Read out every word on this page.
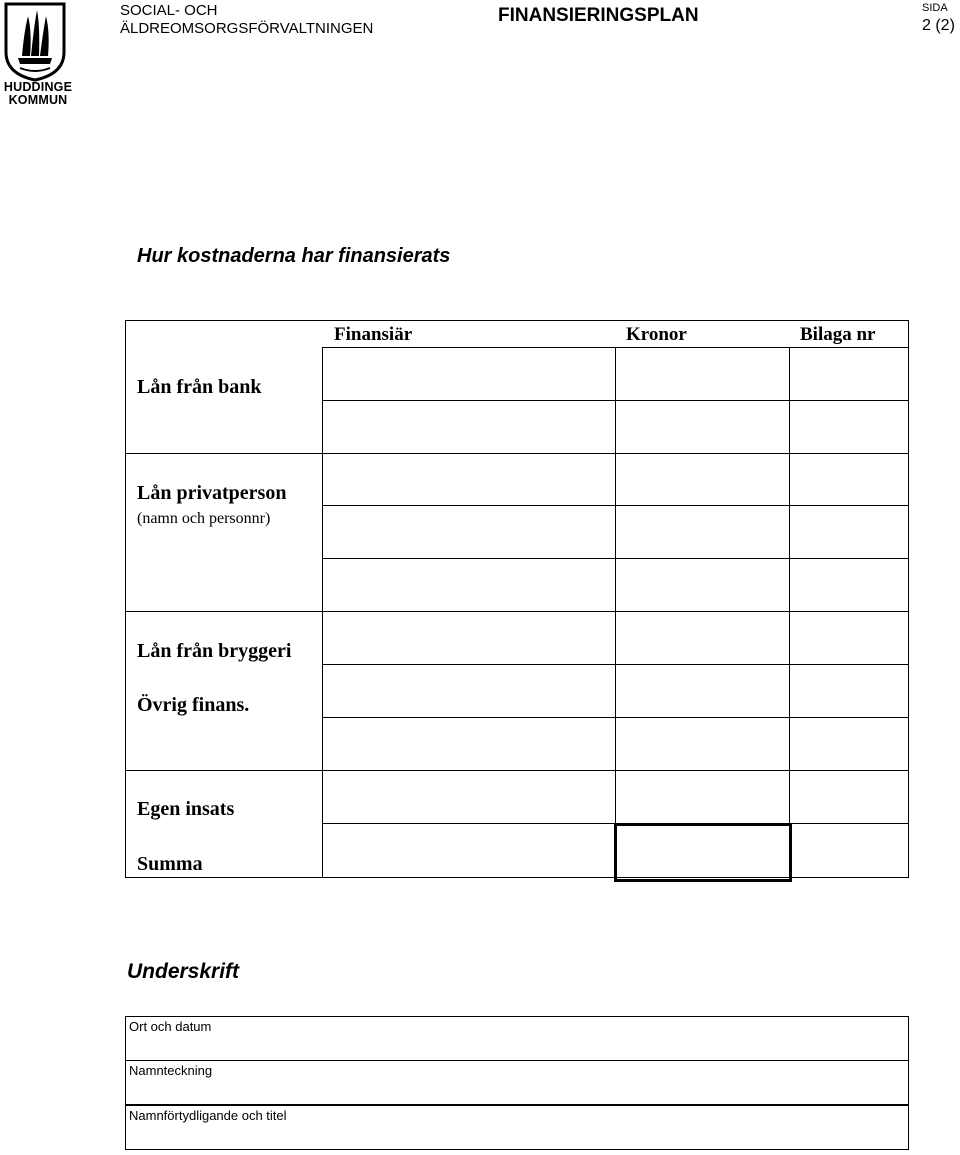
HUDDINGE
KOMMUN
SOCIAL- OCH
ÄLDREOMSORGSFÖRVALTNINGEN
FINANSIERINGSPLAN	SIDA
2 (2)
Hur kostnaderna har finansierats
Finansiär	Kronor	Bilaga nr
Lån från bank
Lån privatperson
(namn och personnr)
Lån från bryggeri
Övrig finans.
Egen insats
Summa
Underskrift
Ort och datum
Namnteckning
Namnförtydligande och titel
